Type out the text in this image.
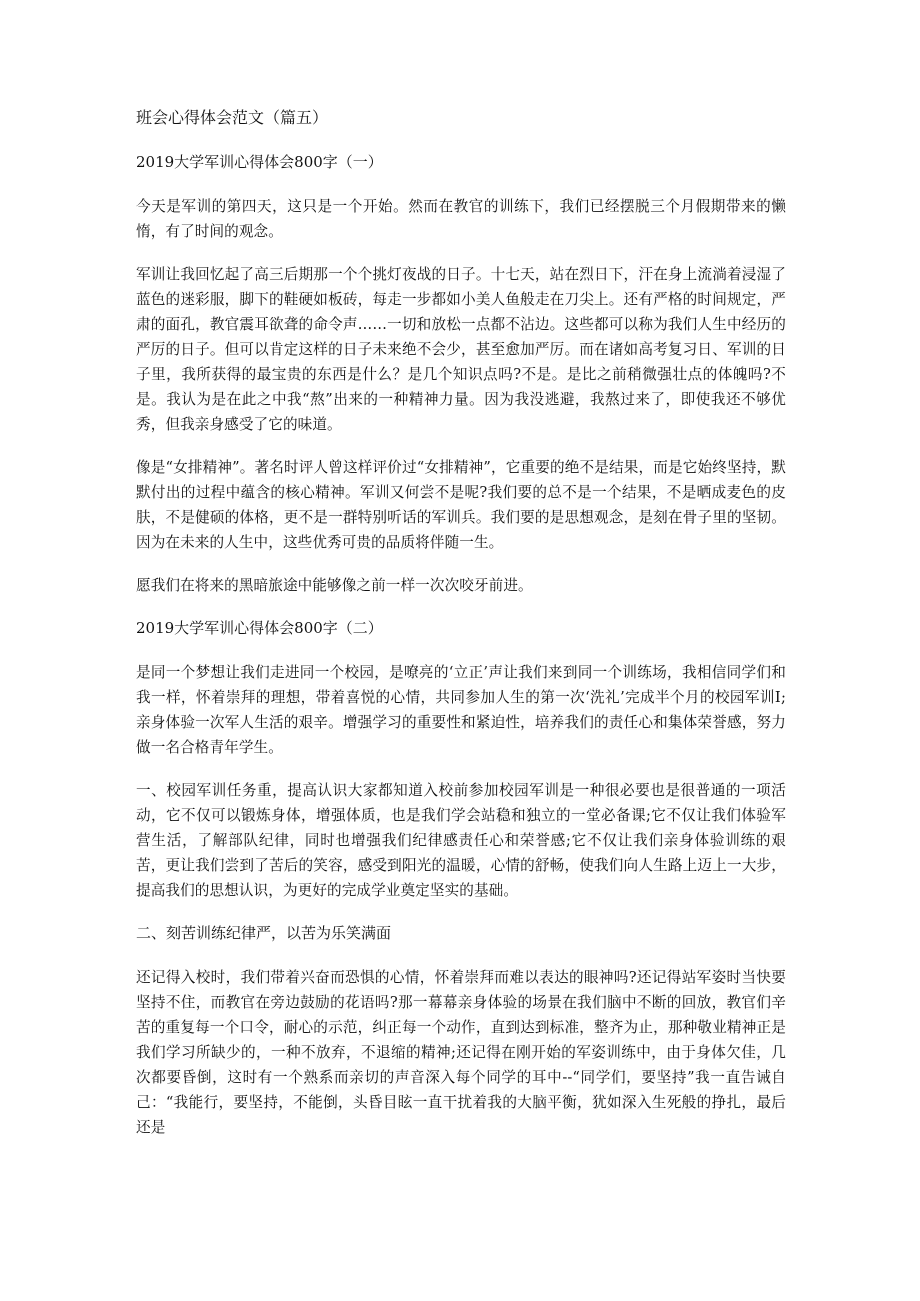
班会心得体会范文（篇五）
2019大学军训心得体会800字（一）

今天是军训的第四天，这只是一个开始。然而在教官的训练下，我们已经摆脱三个月假期带来的懒惰，有了时间的观念。

军训让我回忆起了高三后期那一个个挑灯夜战的日子。十七天，站在烈日下，汗在身上流淌着浸湿了蓝色的迷彩服，脚下的鞋硬如板砖，每走一步都如小美人鱼般走在刀尖上。还有严格的时间规定，严肃的面孔，教官震耳欲聋的命令声……一切和放松一点都不沾边。这些都可以称为我们人生中经历的严厉的日子。但可以肯定这样的日子未来绝不会少，甚至愈加严厉。而在诸如高考复习日、军训的日子里，我所获得的最宝贵的东西是什么？是几个知识点吗?不是。是比之前稍微强壮点的体魄吗?不是。我认为是在此之中我“熬”出来的一种精神力量。因为我没逃避，我熬过来了，即使我还不够优秀，但我亲身感受了它的味道。

像是“女排精神”。著名时评人曾这样评价过“女排精神”，它重要的绝不是结果，而是它始终坚持，默默付出的过程中蕴含的核心精神。军训又何尝不是呢?我们要的总不是一个结果，不是晒成麦色的皮肤，不是健硕的体格，更不是一群特别听话的军训兵。我们要的是思想观念，是刻在骨子里的坚韧。因为在未来的人生中，这些优秀可贵的品质将伴随一生。

愿我们在将来的黑暗旅途中能够像之前一样一次次咬牙前进。

2019大学军训心得体会800字（二）

是同一个梦想让我们走进同一个校园，是嘹亮的‘立正’声让我们来到同一个训练场，我相信同学们和我一样，怀着崇拜的理想，带着喜悦的心情，共同参加人生的第一次‘洗礼’完成半个月的校园军训Ⅰ;亲身体验一次军人生活的艰辛。增强学习的重要性和紧迫性，培养我们的责任心和集体荣誉感，努力做一名合格青年学生。

一、校园军训任务重，提高认识大家都知道入校前参加校园军训是一种很必要也是很普通的一项活动，它不仅可以锻炼身体，增强体质，也是我们学会站稳和独立的一堂必备课;它不仅让我们体验军营生活，了解部队纪律，同时也增强我们纪律感责任心和荣誉感;它不仅让我们亲身体验训练的艰苦，更让我们尝到了苦后的笑容，感受到阳光的温暖，心情的舒畅，使我们向人生路上迈上一大步，提高我们的思想认识，为更好的完成学业奠定坚实的基础。

二、刻苦训练纪律严，以苦为乐笑满面

还记得入校时，我们带着兴奋而恐惧的心情，怀着崇拜而难以表达的眼神吗?还记得站军姿时当快要坚持不住，而教官在旁边鼓励的花语吗?那一幕幕亲身体验的场景在我们脑中不断的回放，教官们辛苦的重复每一个口令，耐心的示范，纠正每一个动作，直到达到标准，整齐为止，那种敬业精神正是我们学习所缺少的，一种不放弃，不退缩的精神;还记得在刚开始的军姿训练中，由于身体欠佳，几次都要昏倒，这时有一个熟系而亲切的声音深入每个同学的耳中--“同学们，要坚持”我一直告诫自己：“我能行，要坚持，不能倒，头昏目眩一直干扰着我的大脑平衡，犹如深入生死般的挣扎，最后还是
